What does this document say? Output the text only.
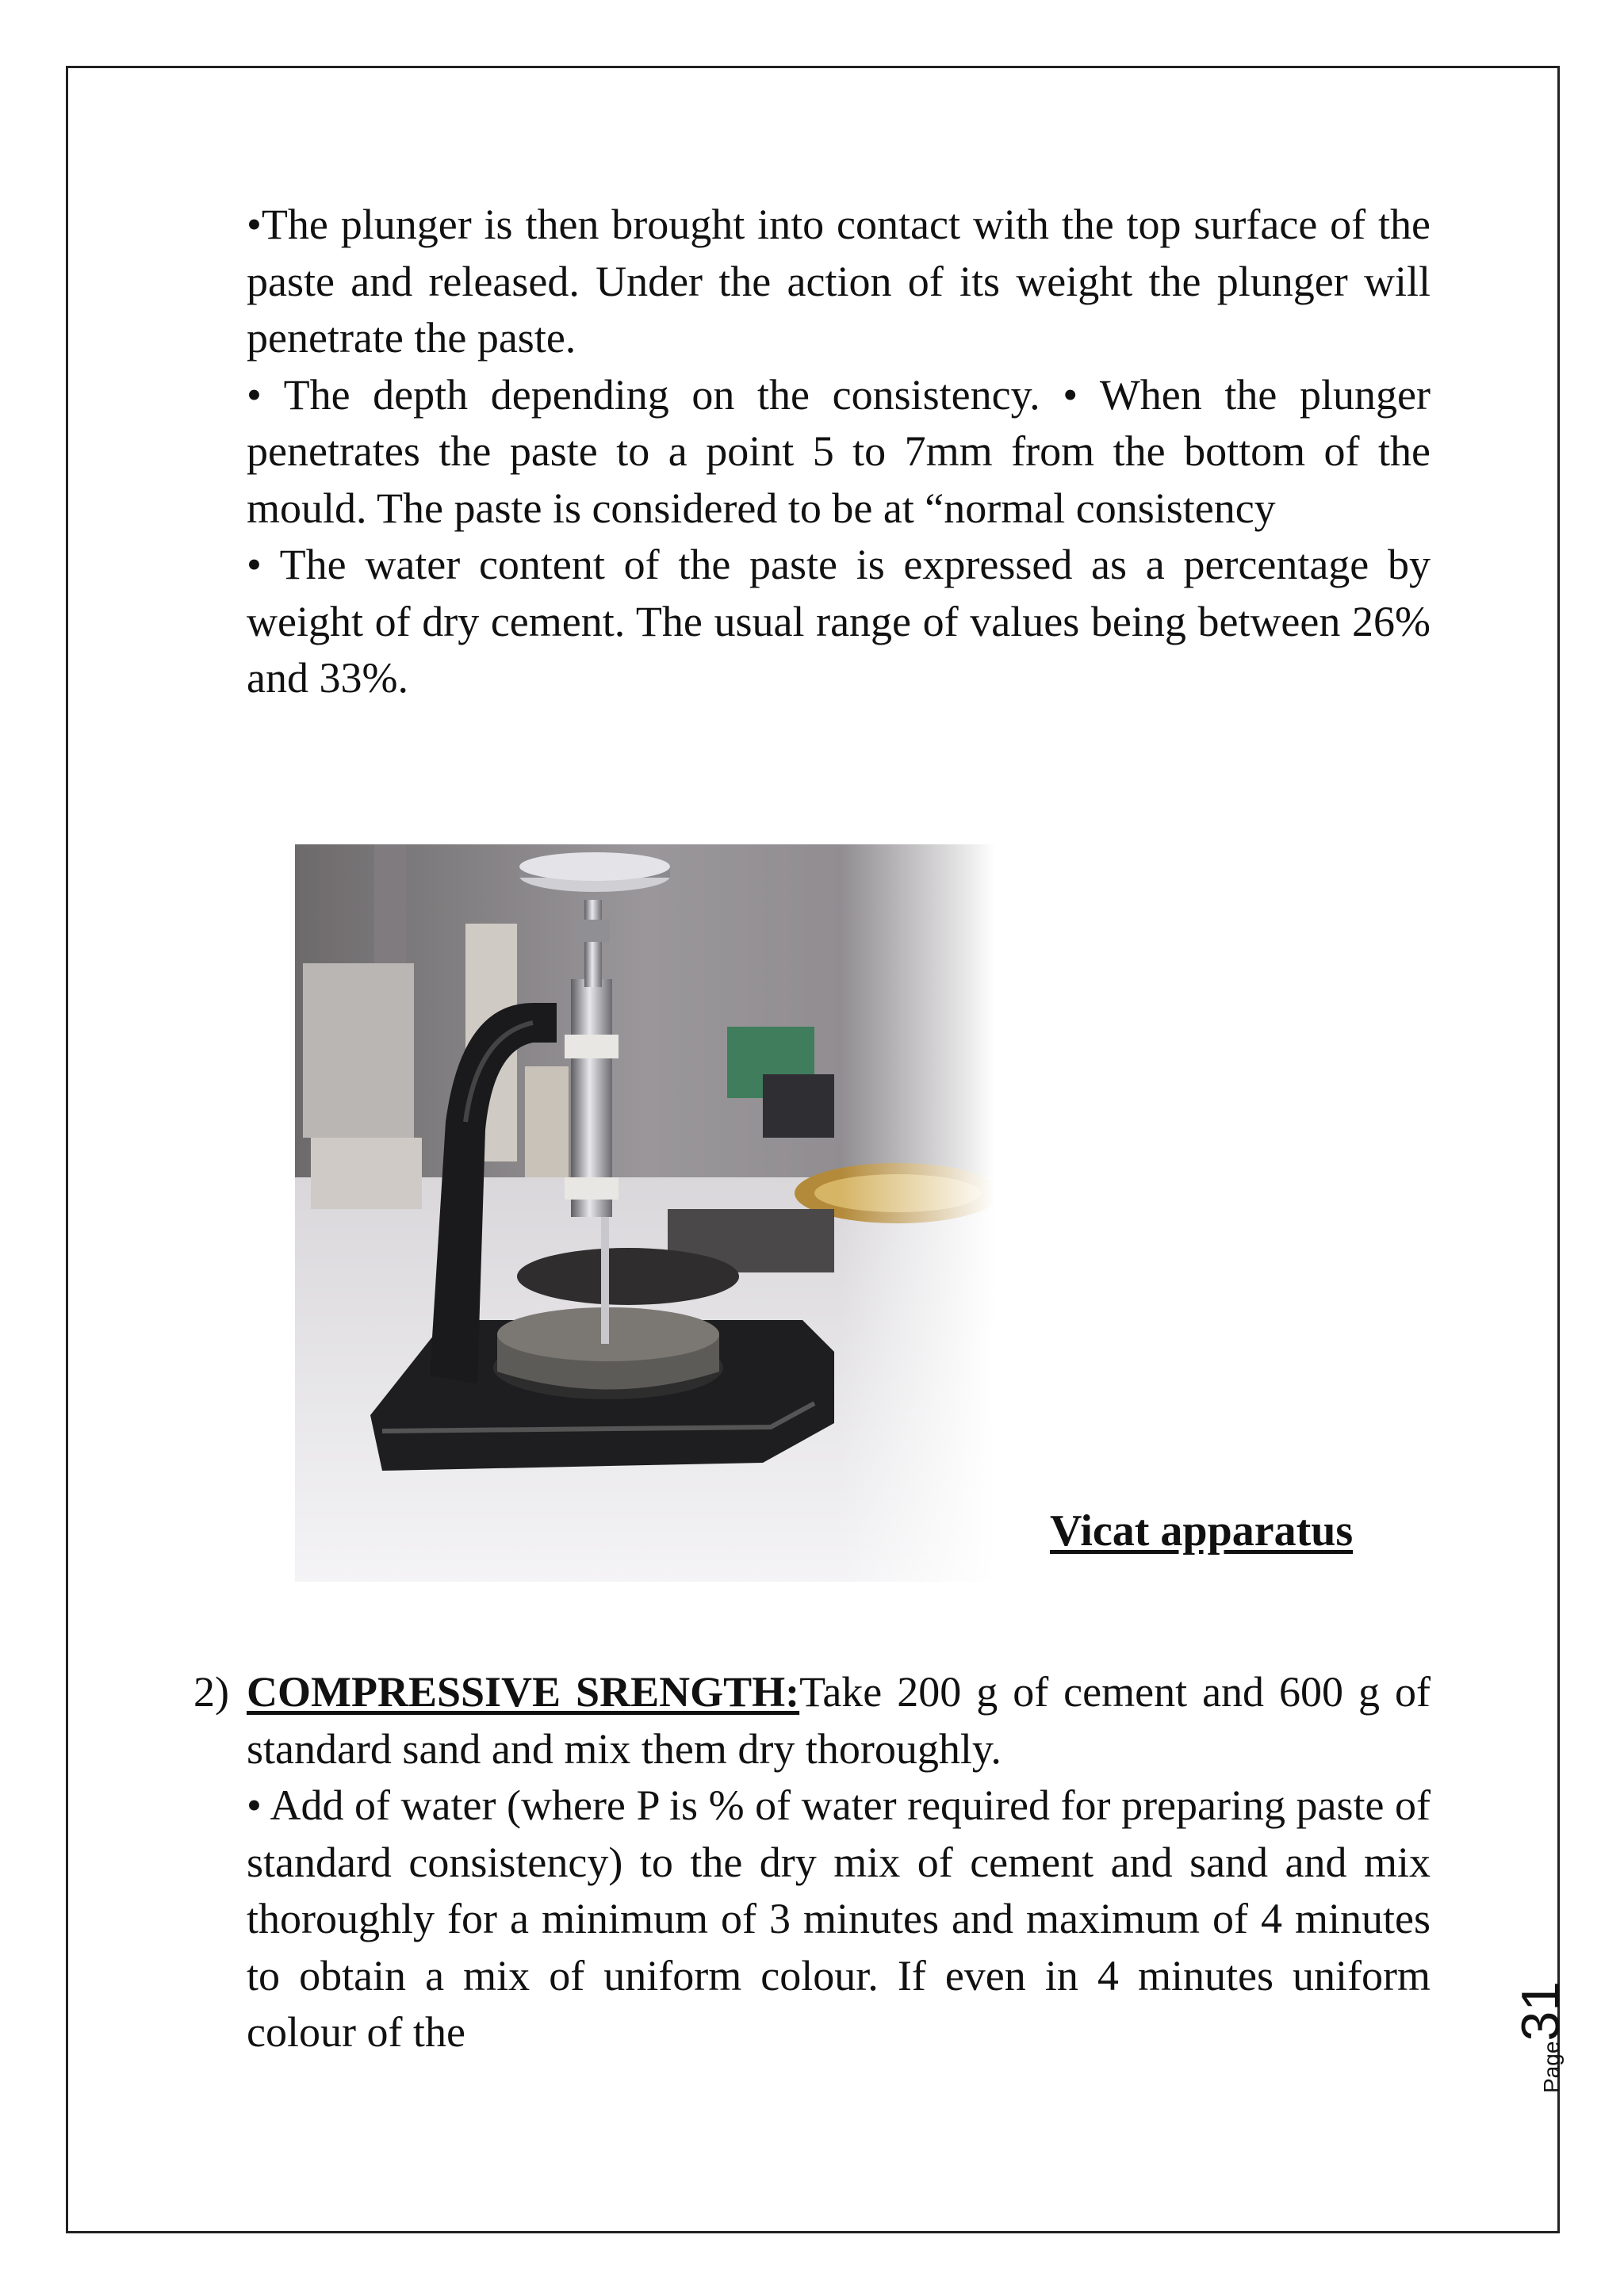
•The plunger is then brought into contact with the top surface of the paste and released. Under the action of its weight the plunger will penetrate the paste.

• The depth depending on the consistency. • When the plunger penetrates the paste to a point 5 to 7mm from the bottom of the mould. The paste is considered to be at “normal consistency

• The water content of the paste is expressed as a percentage by weight of dry cement. The usual range of values being between 26% and 33%.

Vicat apparatus
2) COMPRESSIVE SRENGTH:Take 200 g of cement and 600 g of standard sand and mix them dry thoroughly.

• Add of water (where P is % of water required for preparing paste of standard consistency) to the dry mix of cement and sand and mix thoroughly for a minimum of 3 minutes and maximum of 4 minutes to obtain a mix of uniform colour. If even in 4 minutes uniform colour of the

Page31
